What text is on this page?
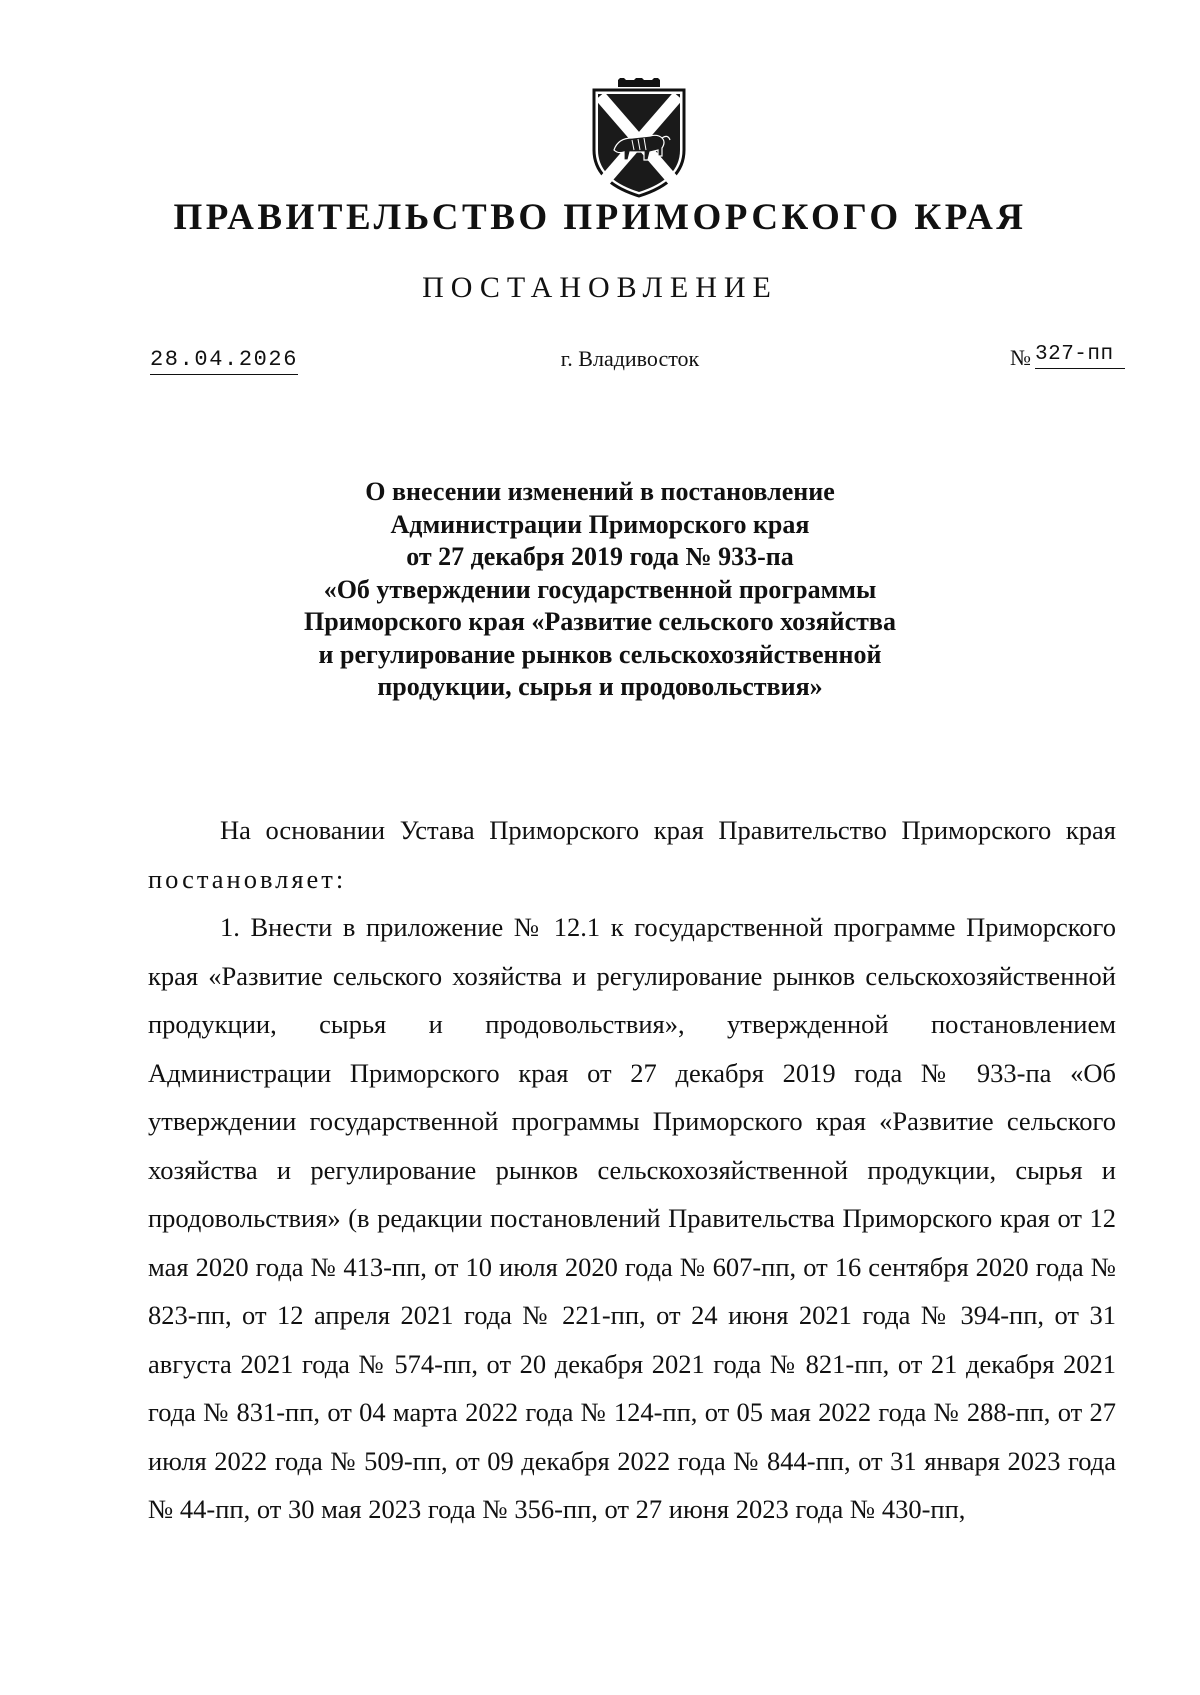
ПРАВИТЕЛЬСТВО ПРИМОРСКОГО КРАЯ
ПОСТАНОВЛЕНИЕ
28.04.2026	г. Владивосток	№ 327-пп
О внесении изменений в постановление
Администрации Приморского края
от 27 декабря 2019 года № 933-па
«Об утверждении государственной программы
Приморского края «Развитие сельского хозяйства
и регулирование рынков сельскохозяйственной
продукции, сырья и продовольствия»

На основании Устава Приморского края Правительство Приморского края постановляет:

1. Внести в приложение № 12.1 к государственной программе Приморского края «Развитие сельского хозяйства и регулирование рынков сельскохозяйственной продукции, сырья и продовольствия», утвержденной постановлением Администрации Приморского края от 27 декабря 2019 года № 933-па «Об утверждении государственной программы Приморского края «Развитие сельского хозяйства и регулирование рынков сельскохозяйственной продукции, сырья и продовольствия» (в редакции постановлений Правительства Приморского края от 12 мая 2020 года № 413-пп, от 10 июля 2020 года № 607-пп, от 16 сентября 2020 года № 823-пп, от 12 апреля 2021 года № 221-пп, от 24 июня 2021 года № 394-пп, от 31 августа 2021 года № 574-пп, от 20 декабря 2021 года № 821-пп, от 21 декабря 2021 года № 831-пп, от 04 марта 2022 года № 124-пп, от 05 мая 2022 года № 288-пп, от 27 июля 2022 года № 509-пп, от 09 декабря 2022 года № 844-пп, от 31 января 2023 года № 44-пп, от 30 мая 2023 года № 356-пп, от 27 июня 2023 года № 430-пп,
